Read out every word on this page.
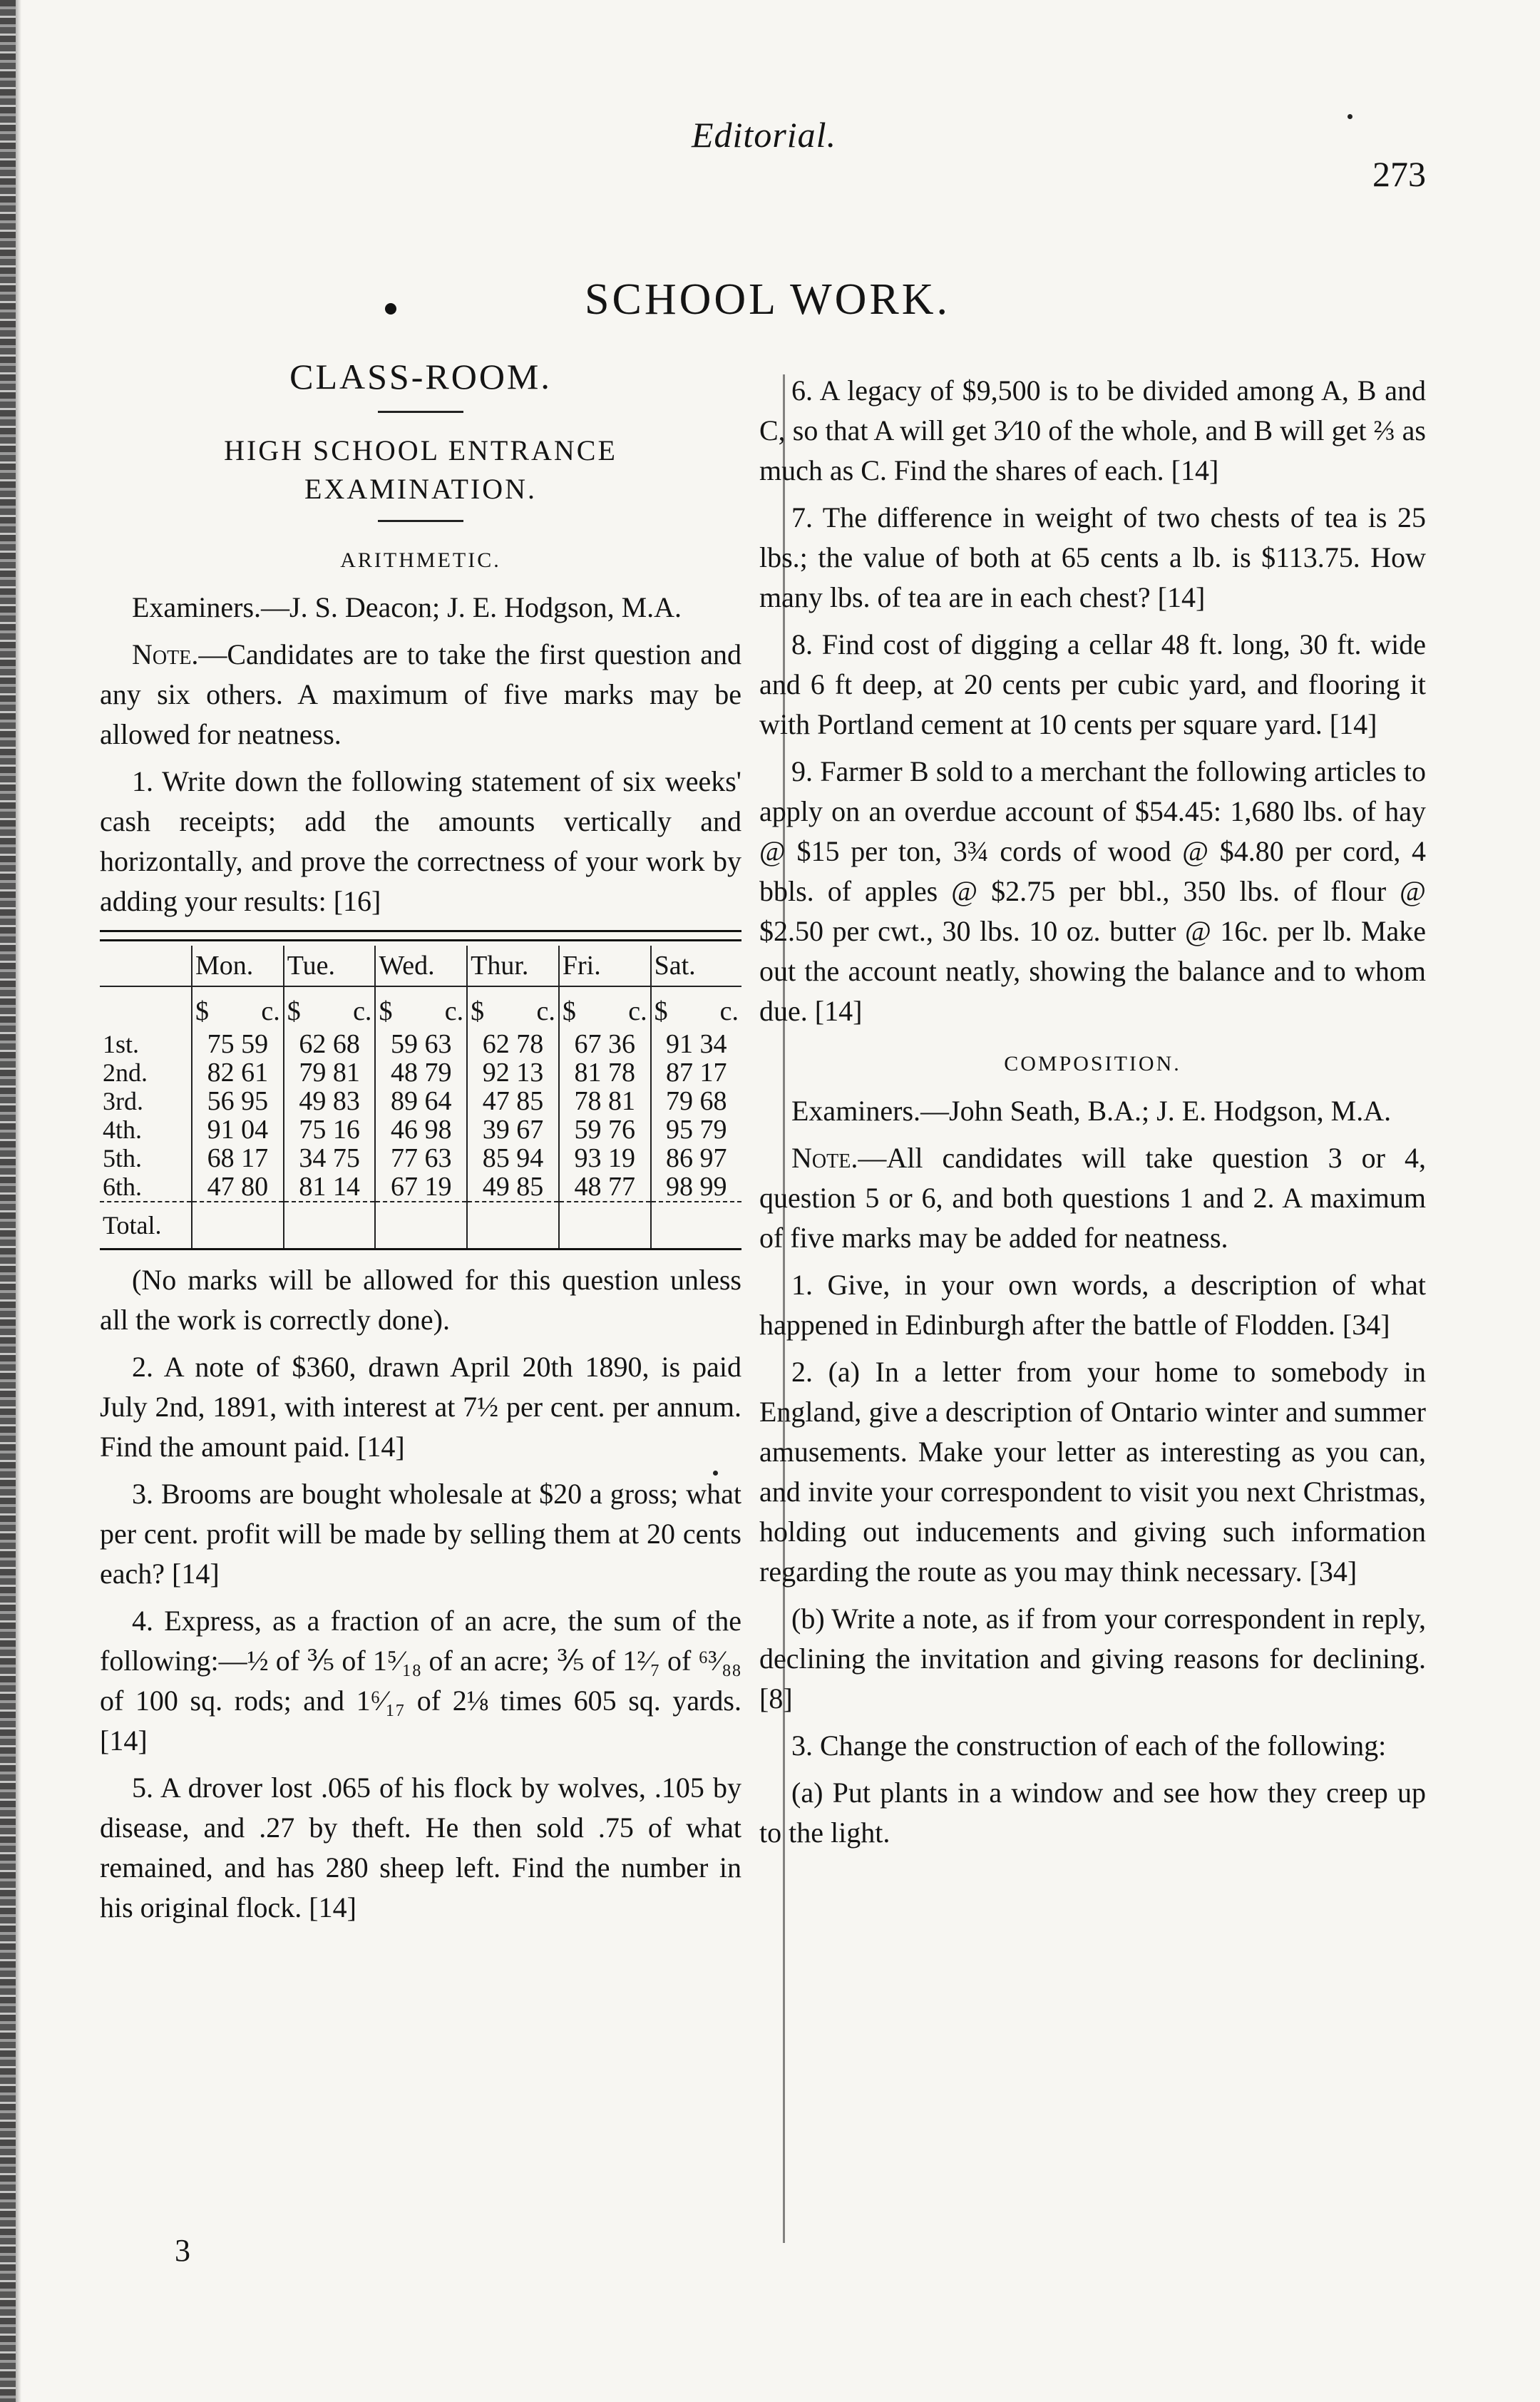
Editorial.
273
SCHOOL WORK.
CLASS-ROOM.
HIGH SCHOOL ENTRANCE
EXAMINATION.
ARITHMETIC.

Examiners.—J. S. Deacon; J. E. Hodgson, M.A.

Note.—Candidates are to take the first question and any six others. A maximum of five marks may be allowed for neatness.

1. Write down the following statement of six weeks' cash receipts; add the amounts vertically and horizontally, and prove the correctness of your work by adding your results: [16]

	Mon.	Tue.	Wed.	Thur.	Fri.	Sat.

	$ c.	$ c.	$ c.	$ c.	$ c.	$ c.

1st.	75 59	62 68	59 63	62 78	67 36	91 34
2nd.	82 61	79 81	48 79	92 13	81 78	87 17
3rd.	56 95	49 83	89 64	47 85	78 81	79 68
4th.	91 04	75 16	46 98	39 67	59 76	95 79
5th.	68 17	34 75	77 63	85 94	93 19	86 97
6th.	47 80	81 14	67 19	49 85	48 77	98 99
Total.						

(No marks will be allowed for this question unless all the work is correctly done).

2. A note of $360, drawn April 20th 1890, is paid July 2nd, 1891, with interest at 7½ per cent. per annum. Find the amount paid. [14]

3. Brooms are bought wholesale at $20 a gross; what per cent. profit will be made by selling them at 20 cents each? [14]

4. Express, as a fraction of an acre, the sum of the following:—½ of ⅗ of 1⁵⁄₁₈ of an acre; ⅗ of 1²⁄₇ of ⁶³⁄₈₈ of 100 sq. rods; and 1⁶⁄₁₇ of 2⅛ times 605 sq. yards. [14]

5. A drover lost .065 of his flock by wolves, .105 by disease, and .27 by theft. He then sold .75 of what remained, and has 280 sheep left. Find the number in his original flock. [14]

6. A legacy of $9,500 is to be divided among A, B and C, so that A will get 3⁄10 of the whole, and B will get ⅔ as much as C. Find the shares of each. [14]

7. The difference in weight of two chests of tea is 25 lbs.; the value of both at 65 cents a lb. is $113.75. How many lbs. of tea are in each chest? [14]

8. Find cost of digging a cellar 48 ft. long, 30 ft. wide and 6 ft deep, at 20 cents per cubic yard, and flooring it with Portland cement at 10 cents per square yard. [14]

9. Farmer B sold to a merchant the following articles to apply on an overdue account of $54.45: 1,680 lbs. of hay @ $15 per ton, 3¾ cords of wood @ $4.80 per cord, 4 bbls. of apples @ $2.75 per bbl., 350 lbs. of flour @ $2.50 per cwt., 30 lbs. 10 oz. butter @ 16c. per lb. Make out the account neatly, showing the balance and to whom due. [14]

COMPOSITION.

Examiners.—John Seath, B.A.; J. E. Hodgson, M.A.

Note.—All candidates will take question 3 or 4, question 5 or 6, and both questions 1 and 2. A maximum of five marks may be added for neatness.

1. Give, in your own words, a description of what happened in Edinburgh after the battle of Flodden. [34]

2. (a) In a letter from your home to somebody in England, give a description of Ontario winter and summer amusements. Make your letter as interesting as you can, and invite your correspondent to visit you next Christmas, holding out inducements and giving such information regarding the route as you may think necessary. [34]

(b) Write a note, as if from your correspondent in reply, declining the invitation and giving reasons for declining. [8]

3. Change the construction of each of the following:

(a) Put plants in a window and see how they creep up to the light.

3
